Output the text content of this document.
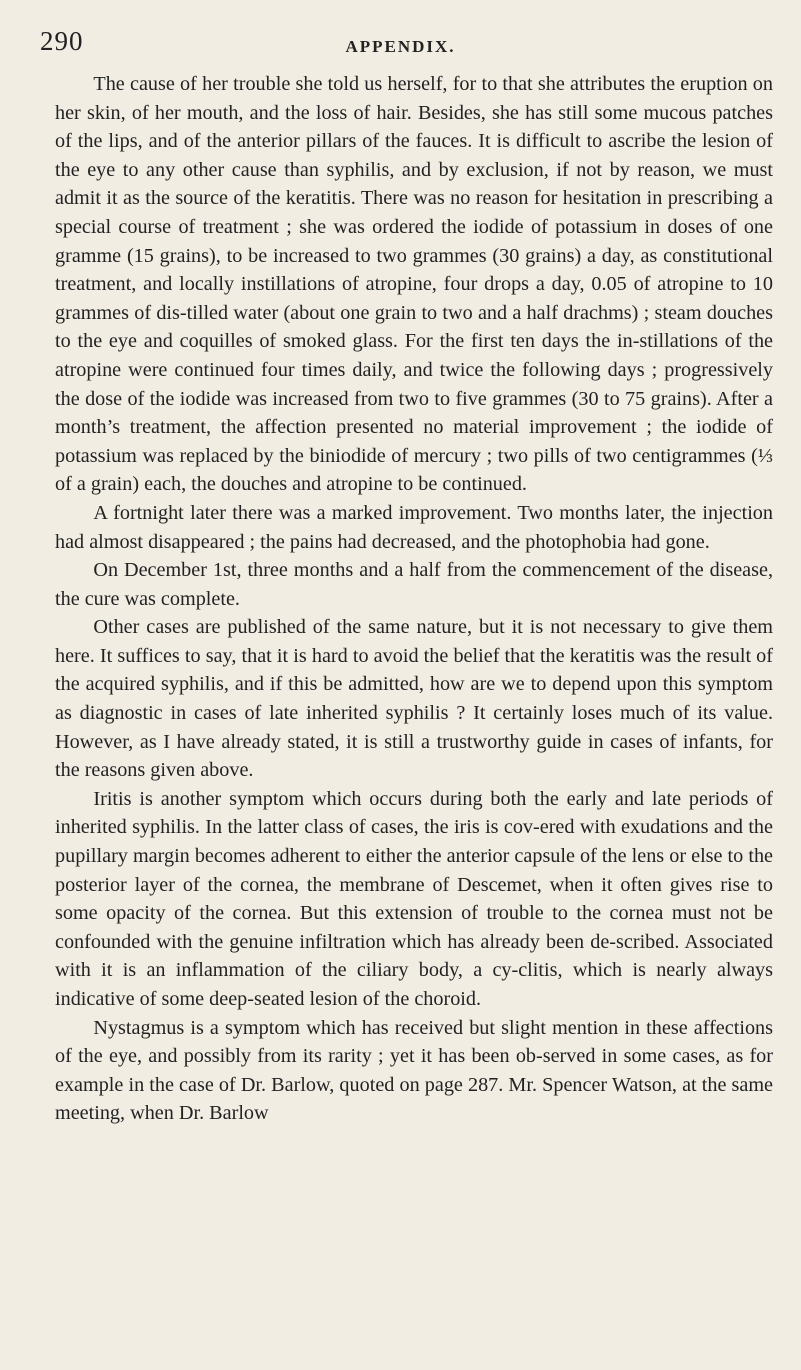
290	APPENDIX.

The cause of her trouble she told us herself, for to that she attributes the eruption on her skin, of her mouth, and the loss of hair. Besides, she has still some mucous patches of the lips, and of the anterior pillars of the fauces. It is difficult to ascribe the lesion of the eye to any other cause than syphilis, and by exclusion, if not by reason, we must admit it as the source of the keratitis. There was no reason for hesitation in prescribing a special course of treatment ; she was ordered the iodide of potassium in doses of one gramme (15 grains), to be increased to two grammes (30 grains) a day, as constitutional treatment, and locally instillations of atropine, four drops a day, 0.05 of atropine to 10 grammes of dis-tilled water (about one grain to two and a half drachms) ; steam douches to the eye and coquilles of smoked glass. For the first ten days the in-stillations of the atropine were continued four times daily, and twice the following days ; progressively the dose of the iodide was increased from two to five grammes (30 to 75 grains). After a month’s treatment, the affection presented no material improvement ; the iodide of potassium was replaced by the biniodide of mercury ; two pills of two centigrammes (⅓ of a grain) each, the douches and atropine to be continued.

A fortnight later there was a marked improvement. Two months later, the injection had almost disappeared ; the pains had decreased, and the photophobia had gone.

On December 1st, three months and a half from the commencement of the disease, the cure was complete.

Other cases are published of the same nature, but it is not necessary to give them here. It suffices to say, that it is hard to avoid the belief that the keratitis was the result of the acquired syphilis, and if this be admitted, how are we to depend upon this symptom as diagnostic in cases of late inherited syphilis ? It certainly loses much of its value. However, as I have already stated, it is still a trustworthy guide in cases of infants, for the reasons given above.

Iritis is another symptom which occurs during both the early and late periods of inherited syphilis. In the latter class of cases, the iris is cov-ered with exudations and the pupillary margin becomes adherent to either the anterior capsule of the lens or else to the posterior layer of the cornea, the membrane of Descemet, when it often gives rise to some opacity of the cornea. But this extension of trouble to the cornea must not be confounded with the genuine infiltration which has already been de-scribed. Associated with it is an inflammation of the ciliary body, a cy-clitis, which is nearly always indicative of some deep-seated lesion of the choroid.

Nystagmus is a symptom which has received but slight mention in these affections of the eye, and possibly from its rarity ; yet it has been ob-served in some cases, as for example in the case of Dr. Barlow, quoted on page 287. Mr. Spencer Watson, at the same meeting, when Dr. Barlow
